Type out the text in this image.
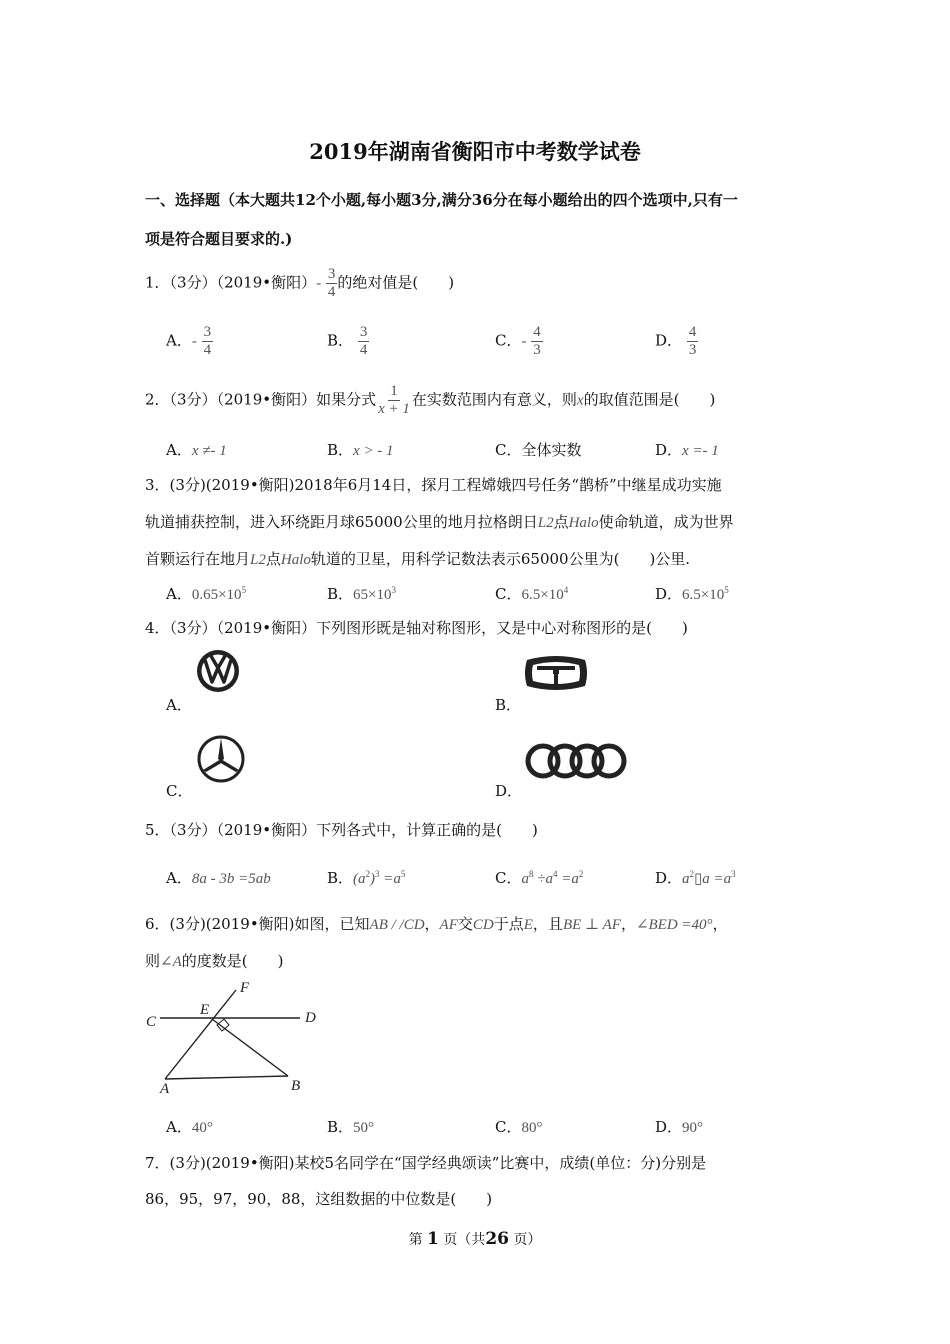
2019年湖南省衡阳市中考数学试卷
一、选择题（本大题共12个小题,每小题3分,满分36分在每小题给出的四个选项中,只有一
项是符合题目要求的.)
1．（3分）（2019•衡阳）- $\frac{3}{4}$ 的绝对值是(　　)
A．- $\frac{3}{4}$	B． $\frac{3}{4}$	C．- $\frac{4}{3}$	D． $\frac{4}{3}$
2．（3分）（2019•衡阳）如果分式 $\frac{1}{x + 1}$ 在实数范围内有意义，则x的取值范围是(　　)
A．x ≠- 1	B．x > - 1	C．全体实数	D．x =- 1
3．(3分)(2019•衡阳)2018年6月14日，探月工程嫦娥四号任务“鹊桥”中继星成功实施
轨道捕获控制，进入环绕距月球65000公里的地月拉格朗日L2点Halo使命轨道，成为世界
首颗运行在地月L2点Halo轨道的卫星，用科学记数法表示65000公里为(　　)公里.
A．$0.65\times 10^5$	B．$65\times 10^3$	C．$6.5\times 10^4$	D．$6.5\times 10^5$
4．（3分）（2019•衡阳）下列图形既是轴对称图形，又是中心对称图形的是(　　)
A．	B．
C．	D．
5．（3分）（2019•衡阳）下列各式中，计算正确的是(　　)
A．8a - 3b =5ab	B．$(a^2)^3 =a^5$	C．$a^8 \div a^4 =a^2$	D．$a^2▯a =a^3$
6．(3分)(2019•衡阳)如图，已知AB / /CD，AF交CD于点E，且BE ⊥ AF，∠BED =40°，
则∠A的度数是(　　)
F
E
C	D
A	B
A．40°	B．50°	C．80°	D．90°
7．(3分)(2019•衡阳)某校5名同学在“国学经典颂读”比赛中，成绩(单位：分)分别是
86，95，97，90，88，这组数据的中位数是(　　)
第 1 页（共26 页）
